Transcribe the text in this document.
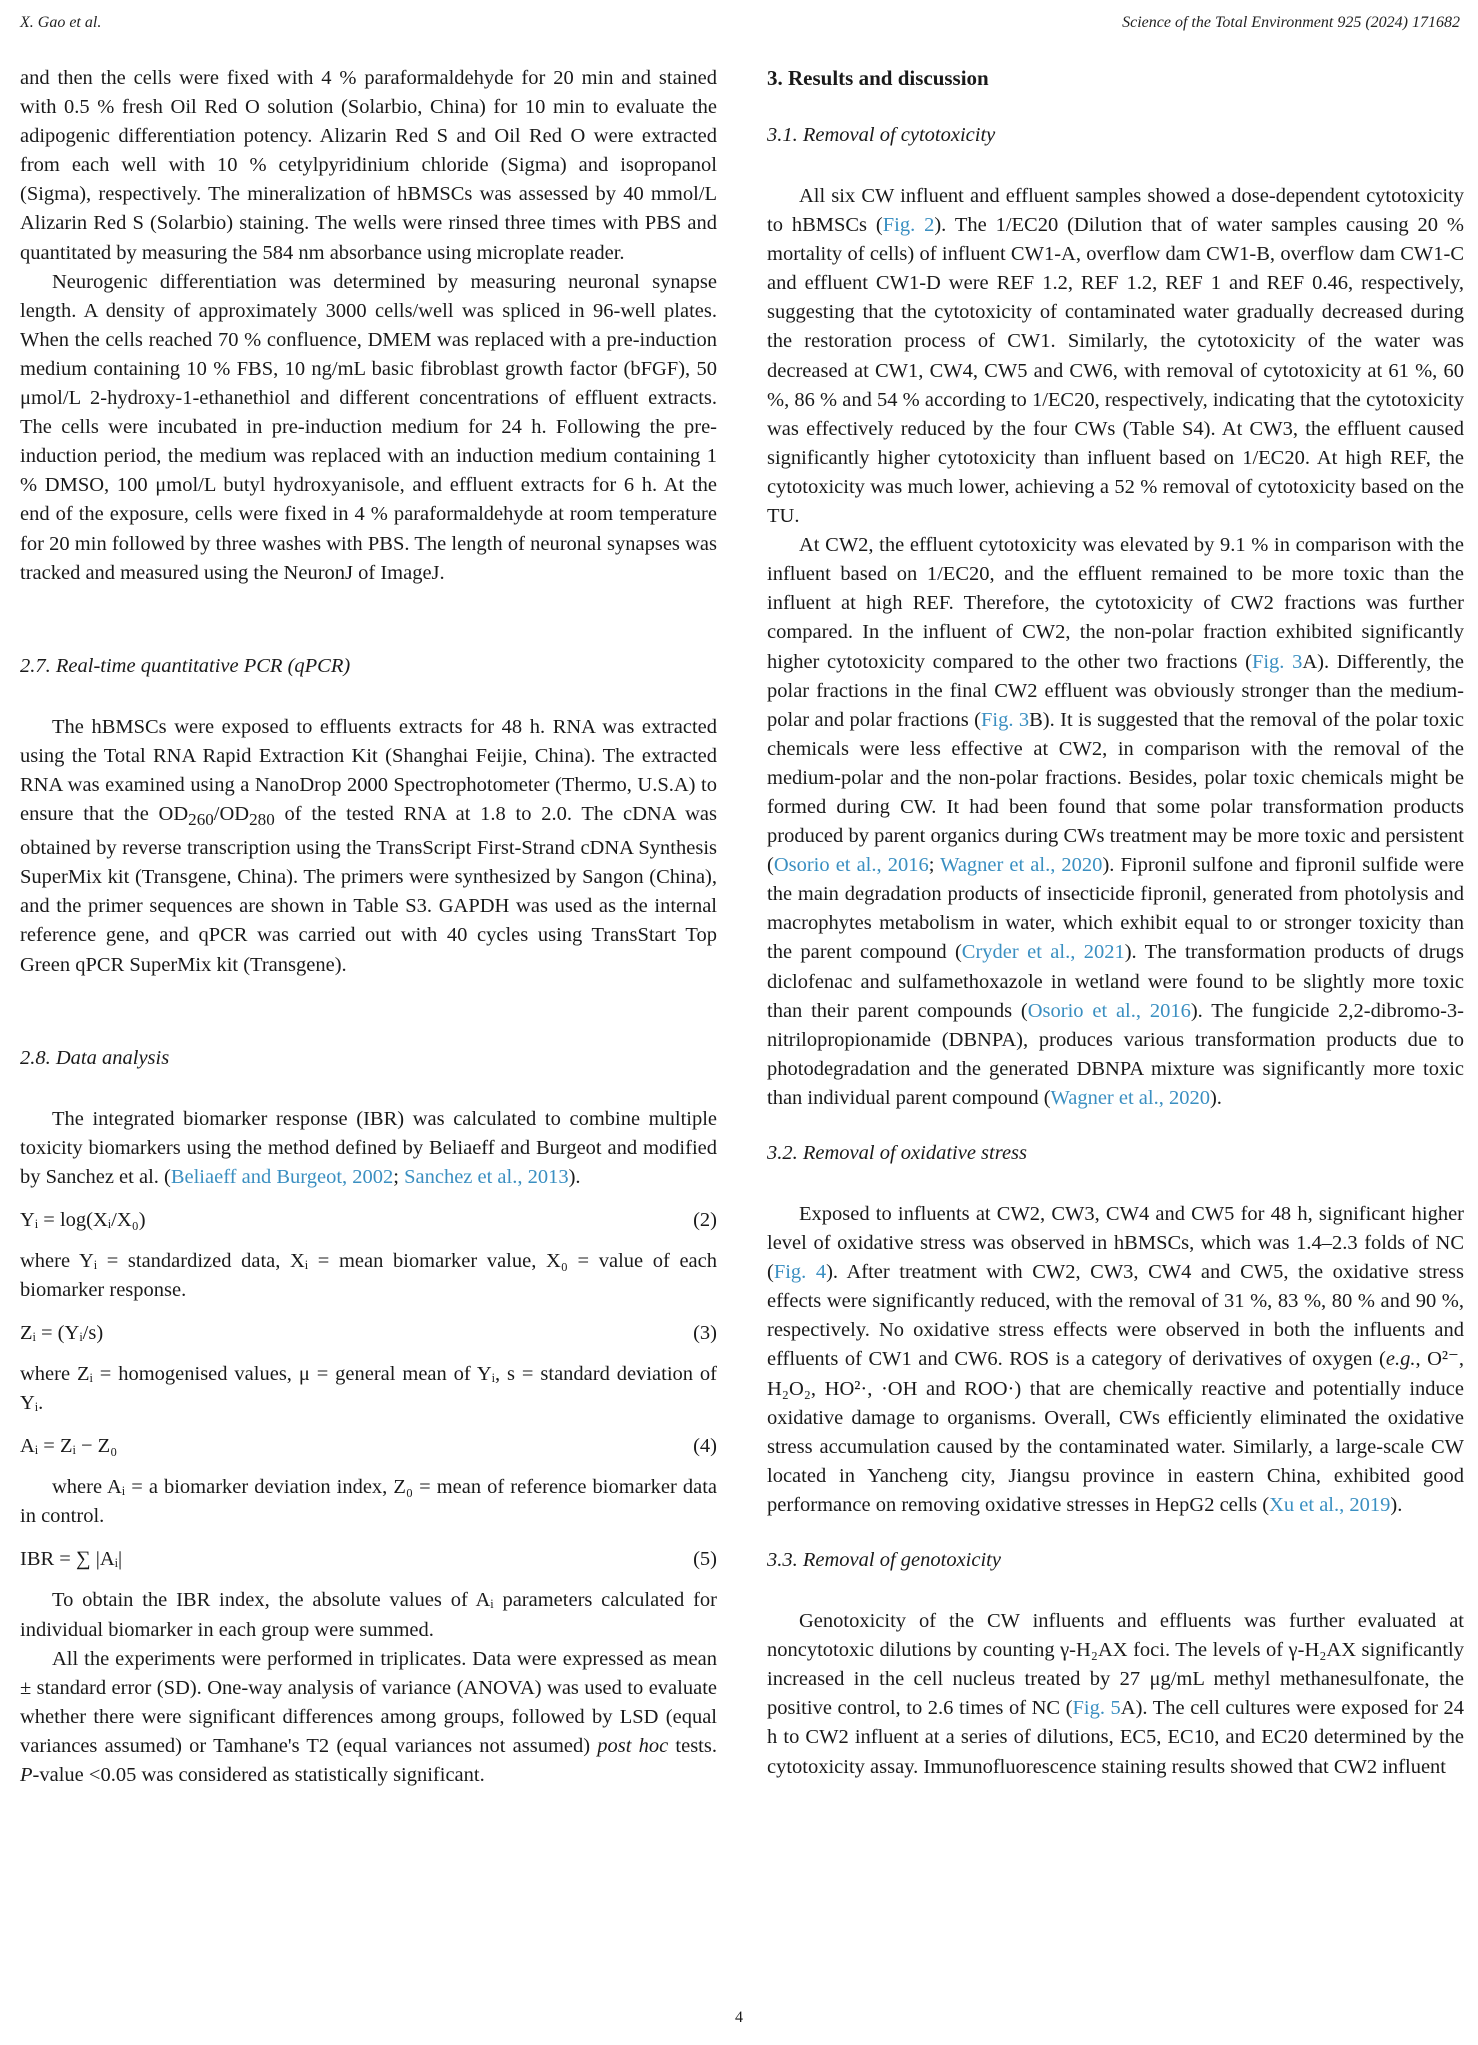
X. Gao et al.	Science of the Total Environment 925 (2024) 171682

and then the cells were fixed with 4 % paraformaldehyde for 20 min and stained with 0.5 % fresh Oil Red O solution (Solarbio, China) for 10 min to evaluate the adipogenic differentiation potency. Alizarin Red S and Oil Red O were extracted from each well with 10 % cetylpyridinium chloride (Sigma) and isopropanol (Sigma), respectively. The mineralization of hBMSCs was assessed by 40 mmol/L Alizarin Red S (Solarbio) staining. The wells were rinsed three times with PBS and quantitated by measuring the 584 nm absorbance using microplate reader.

Neurogenic differentiation was determined by measuring neuronal synapse length. A density of approximately 3000 cells/well was spliced in 96-well plates. When the cells reached 70 % confluence, DMEM was replaced with a pre-induction medium containing 10 % FBS, 10 ng/mL basic fibroblast growth factor (bFGF), 50 μmol/L 2-hydroxy-1-ethanethiol and different concentrations of effluent extracts. The cells were incubated in pre-induction medium for 24 h. Following the pre-induction period, the medium was replaced with an induction medium containing 1 % DMSO, 100 μmol/L butyl hydroxyanisole, and effluent extracts for 6 h. At the end of the exposure, cells were fixed in 4 % paraformaldehyde at room temperature for 20 min followed by three washes with PBS. The length of neuronal synapses was tracked and measured using the NeuronJ of ImageJ.

2.7. Real-time quantitative PCR (qPCR)

The hBMSCs were exposed to effluents extracts for 48 h. RNA was extracted using the Total RNA Rapid Extraction Kit (Shanghai Feijie, China). The extracted RNA was examined using a NanoDrop 2000 Spectrophotometer (Thermo, U.S.A) to ensure that the $OD_{260}/OD_{280}$ of the tested RNA at 1.8 to 2.0. The cDNA was obtained by reverse transcription using the TransScript First-Strand cDNA Synthesis SuperMix kit (Transgene, China). The primers were synthesized by Sangon (China), and the primer sequences are shown in Table S3. GAPDH was used as the internal reference gene, and qPCR was carried out with 40 cycles using TransStart Top Green qPCR SuperMix kit (Transgene).

2.8. Data analysis

The integrated biomarker response (IBR) was calculated to combine multiple toxicity biomarkers using the method defined by Beliaeff and Burgeot and modified by Sanchez et al. (Beliaeff and Burgeot, 2002; Sanchez et al., 2013).

Yᵢ = log(Xᵢ/X₀)	(2)

where Yᵢ = standardized data, Xᵢ = mean biomarker value, X₀ = value of each biomarker response.

Zᵢ = (Yᵢ/s)	(3)

where Zᵢ = homogenised values, μ = general mean of Yᵢ, s = standard deviation of Yᵢ.

Aᵢ = Zᵢ − Z₀	(4)

where Aᵢ = a biomarker deviation index, Z₀ = mean of reference biomarker data in control.

IBR = ∑ |Aᵢ|	(5)

To obtain the IBR index, the absolute values of Aᵢ parameters calculated for individual biomarker in each group were summed.

All the experiments were performed in triplicates. Data were expressed as mean ± standard error (SD). One-way analysis of variance (ANOVA) was used to evaluate whether there were significant differences among groups, followed by LSD (equal variances assumed) or Tamhane's T2 (equal variances not assumed) post hoc tests. P-value <0.05 was considered as statistically significant.

3. Results and discussion

3.1. Removal of cytotoxicity

All six CW influent and effluent samples showed a dose-dependent cytotoxicity to hBMSCs (Fig. 2). The 1/EC20 (Dilution that of water samples causing 20 % mortality of cells) of influent CW1-A, overflow dam CW1-B, overflow dam CW1-C and effluent CW1-D were REF 1.2, REF 1.2, REF 1 and REF 0.46, respectively, suggesting that the cytotoxicity of contaminated water gradually decreased during the restoration process of CW1. Similarly, the cytotoxicity of the water was decreased at CW1, CW4, CW5 and CW6, with removal of cytotoxicity at 61 %, 60 %, 86 % and 54 % according to 1/EC20, respectively, indicating that the cytotoxicity was effectively reduced by the four CWs (Table S4). At CW3, the effluent caused significantly higher cytotoxicity than influent based on 1/EC20. At high REF, the cytotoxicity was much lower, achieving a 52 % removal of cytotoxicity based on the TU.

At CW2, the effluent cytotoxicity was elevated by 9.1 % in comparison with the influent based on 1/EC20, and the effluent remained to be more toxic than the influent at high REF. Therefore, the cytotoxicity of CW2 fractions was further compared. In the influent of CW2, the non-polar fraction exhibited significantly higher cytotoxicity compared to the other two fractions (Fig. 3A). Differently, the polar fractions in the final CW2 effluent was obviously stronger than the medium-polar and polar fractions (Fig. 3B). It is suggested that the removal of the polar toxic chemicals were less effective at CW2, in comparison with the removal of the medium-polar and the non-polar fractions. Besides, polar toxic chemicals might be formed during CW. It had been found that some polar transformation products produced by parent organics during CWs treatment may be more toxic and persistent (Osorio et al., 2016; Wagner et al., 2020). Fipronil sulfone and fipronil sulfide were the main degradation products of insecticide fipronil, generated from photolysis and macrophytes metabolism in water, which exhibit equal to or stronger toxicity than the parent compound (Cryder et al., 2021). The transformation products of drugs diclofenac and sulfamethoxazole in wetland were found to be slightly more toxic than their parent compounds (Osorio et al., 2016). The fungicide 2,2-dibromo-3-nitrilopropionamide (DBNPA), produces various transformation products due to photodegradation and the generated DBNPA mixture was significantly more toxic than individual parent compound (Wagner et al., 2020).

3.2. Removal of oxidative stress

Exposed to influents at CW2, CW3, CW4 and CW5 for 48 h, significant higher level of oxidative stress was observed in hBMSCs, which was 1.4–2.3 folds of NC (Fig. 4). After treatment with CW2, CW3, CW4 and CW5, the oxidative stress effects were significantly reduced, with the removal of 31 %, 83 %, 80 % and 90 %, respectively. No oxidative stress effects were observed in both the influents and effluents of CW1 and CW6. ROS is a category of derivatives of oxygen (e.g., O²⁻, H₂O₂, HO²·, ·OH and ROO·) that are chemically reactive and potentially induce oxidative damage to organisms. Overall, CWs efficiently eliminated the oxidative stress accumulation caused by the contaminated water. Similarly, a large-scale CW located in Yancheng city, Jiangsu province in eastern China, exhibited good performance on removing oxidative stresses in HepG2 cells (Xu et al., 2019).

3.3. Removal of genotoxicity

Genotoxicity of the CW influents and effluents was further evaluated at noncytotoxic dilutions by counting γ-H₂AX foci. The levels of γ-H₂AX significantly increased in the cell nucleus treated by 27 μg/mL methyl methanesulfonate, the positive control, to 2.6 times of NC (Fig. 5A). The cell cultures were exposed for 24 h to CW2 influent at a series of dilutions, EC5, EC10, and EC20 determined by the cytotoxicity assay. Immunofluorescence staining results showed that CW2 influent

4
